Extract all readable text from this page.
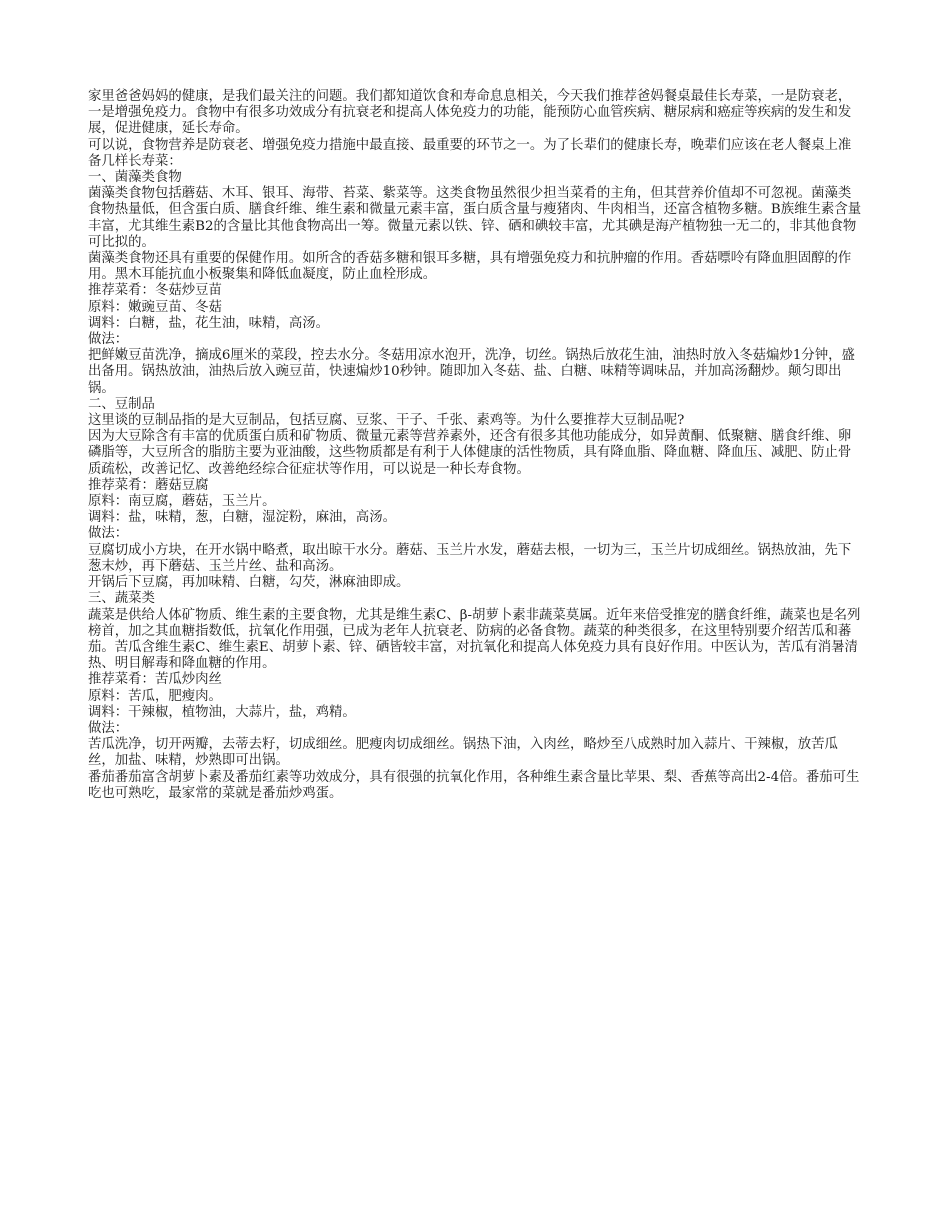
家里爸爸妈妈的健康，是我们最关注的问题。我们都知道饮食和寿命息息相关，今天我们推荐爸妈餐桌最佳长寿菜，一是防衰老，一是增强免疫力。食物中有很多功效成分有抗衰老和提高人体免疫力的功能，能预防心血管疾病、糖尿病和癌症等疾病的发生和发展，促进健康，延长寿命。

可以说，食物营养是防衰老、增强免疫力措施中最直接、最重要的环节之一。为了长辈们的健康长寿，晚辈们应该在老人餐桌上准备几样长寿菜：

一、菌藻类食物

菌藻类食物包括蘑菇、木耳、银耳、海带、苔菜、紫菜等。这类食物虽然很少担当菜肴的主角，但其营养价值却不可忽视。菌藻类食物热量低，但含蛋白质、膳食纤维、维生素和微量元素丰富，蛋白质含量与瘦猪肉、牛肉相当，还富含植物多糖。B族维生素含量丰富，尤其维生素B2的含量比其他食物高出一筹。微量元素以铁、锌、硒和碘较丰富，尤其碘是海产植物独一无二的，非其他食物可比拟的。

菌藻类食物还具有重要的保健作用。如所含的香菇多糖和银耳多糖，具有增强免疫力和抗肿瘤的作用。香菇嘌呤有降血胆固醇的作用。黑木耳能抗血小板聚集和降低血凝度，防止血栓形成。

推荐菜肴：冬菇炒豆苗

原料：嫩豌豆苗、冬菇

调料：白糖，盐，花生油，味精，高汤。

做法：

把鲜嫩豆苗洗净，摘成6厘米的菜段，控去水分。冬菇用凉水泡开，洗净，切丝。锅热后放花生油，油热时放入冬菇煸炒1分钟，盛出备用。锅热放油，油热后放入豌豆苗，快速煸炒10秒钟。随即加入冬菇、盐、白糖、味精等调味品，并加高汤翻炒。颠匀即出锅。

二、豆制品

这里谈的豆制品指的是大豆制品，包括豆腐、豆浆、干子、千张、素鸡等。为什么要推荐大豆制品呢?

因为大豆除含有丰富的优质蛋白质和矿物质、微量元素等营养素外，还含有很多其他功能成分，如异黄酮、低聚糖、膳食纤维、卵磷脂等，大豆所含的脂肪主要为亚油酸，这些物质都是有利于人体健康的活性物质，具有降血脂、降血糖、降血压、减肥、防止骨质疏松，改善记忆、改善绝经综合征症状等作用，可以说是一种长寿食物。

推荐菜肴：蘑菇豆腐

原料：南豆腐，蘑菇，玉兰片。

调料：盐，味精，葱，白糖，湿淀粉，麻油，高汤。

做法：

豆腐切成小方块，在开水锅中略煮，取出晾干水分。蘑菇、玉兰片水发，蘑菇去根，一切为三，玉兰片切成细丝。锅热放油，先下葱末炒，再下蘑菇、玉兰片丝、盐和高汤。

开锅后下豆腐，再加味精、白糖，勾芡，淋麻油即成。

三、蔬菜类

蔬菜是供给人体矿物质、维生素的主要食物，尤其是维生素C、β-胡萝卜素非蔬菜莫属。近年来倍受推宠的膳食纤维，蔬菜也是名列榜首，加之其血糖指数低，抗氧化作用强，已成为老年人抗衰老、防病的必备食物。蔬菜的种类很多，在这里特别要介绍苦瓜和蕃茄。苦瓜含维生素C、维生素E、胡萝卜素、锌、硒皆较丰富，对抗氧化和提高人体免疫力具有良好作用。中医认为，苦瓜有消暑清热、明目解毒和降血糖的作用。

推荐菜肴：苦瓜炒肉丝

原料：苦瓜，肥瘦肉。

调料：干辣椒，植物油，大蒜片，盐，鸡精。

做法：

苦瓜洗净，切开两瓣，去蒂去籽，切成细丝。肥瘦肉切成细丝。锅热下油，入肉丝，略炒至八成熟时加入蒜片、干辣椒，放苦瓜丝，加盐、味精，炒熟即可出锅。

番茄番茄富含胡萝卜素及番茄红素等功效成分，具有很强的抗氧化作用，各种维生素含量比苹果、梨、香蕉等高出2-4倍。番茄可生吃也可熟吃，最家常的菜就是番茄炒鸡蛋。
